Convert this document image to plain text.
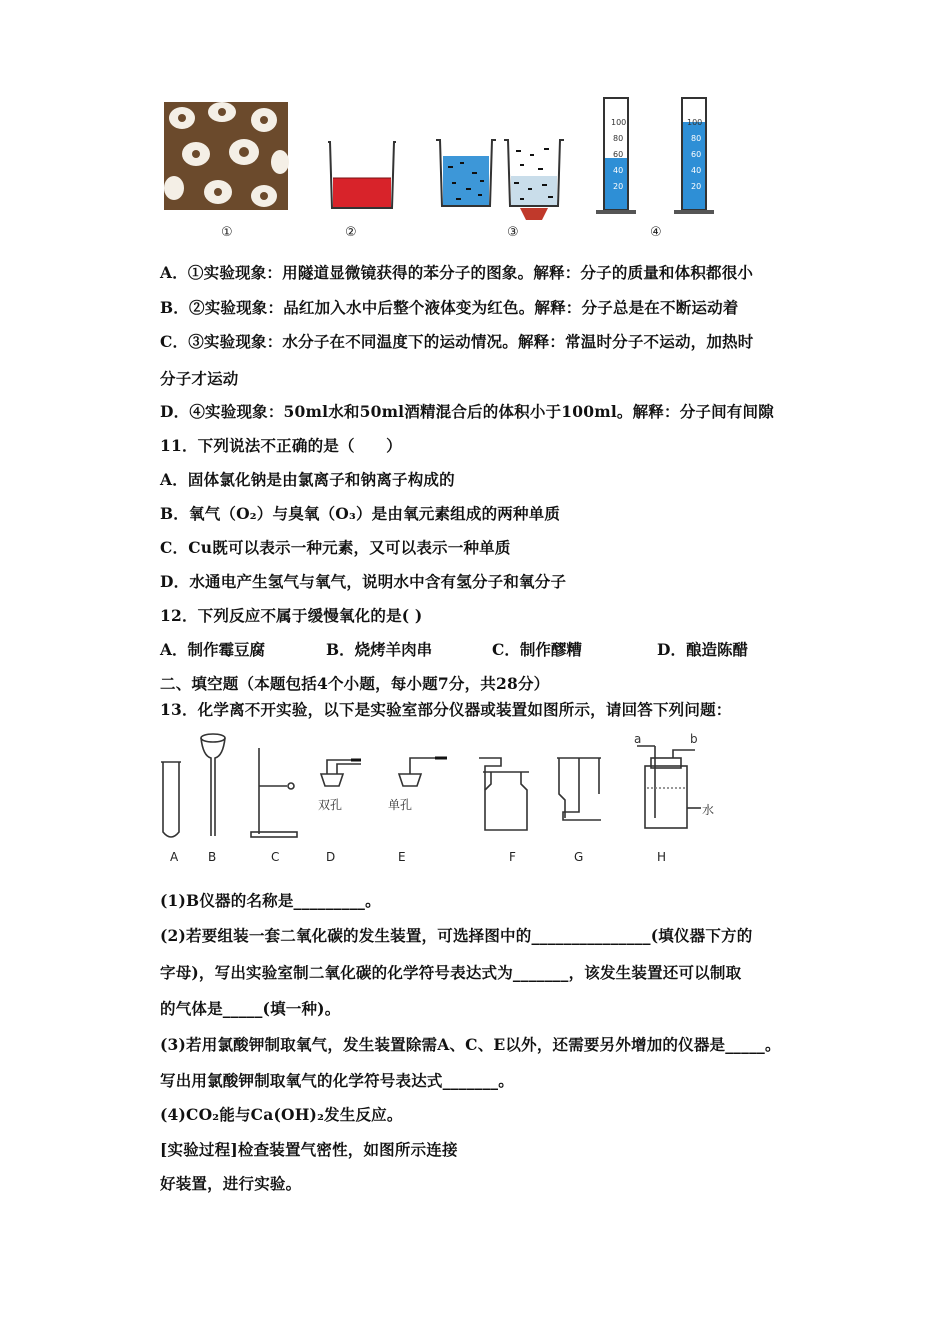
100
80
60
40
20
100
80
60
40
20
①	②	③	④
A．①实验现象：用隧道显微镜获得的苯分子的图象。解释：分子的质量和体积都很小
B．②实验现象：品红加入水中后整个液体变为红色。解释：分子总是在不断运动着
C．③实验现象：水分子在不同温度下的运动情况。解释：常温时分子不运动，加热时
分子才运动
D．④实验现象：50ml水和50ml酒精混合后的体积小于100ml。解释：分子间有间隙
11．下列说法不正确的是（　　）
A．固体氯化钠是由氯离子和钠离子构成的
B．氧气（O₂）与臭氧（O₃）是由氧元素组成的两种单质
C．Cu既可以表示一种元素，又可以表示一种单质
D．水通电产生氢气与氧气，说明水中含有氢分子和氧分子
12．下列反应不属于缓慢氧化的是( )
A．制作霉豆腐	B．烧烤羊肉串	C．制作醪糟	D．酿造陈醋
二、填空题（本题包括4个小题，每小题7分，共28分）
13．化学离不开实验，以下是实验室部分仪器或装置如图所示，请回答下列问题：
双孔	单孔
a	b
水
A B	C	D	E	F	G	H
(1)B仪器的名称是_________。
(2)若要组装一套二氧化碳的发生装置，可选择图中的_______________(填仪器下方的
字母)，写出实验室制二氧化碳的化学符号表达式为_______，该发生装置还可以制取
的气体是_____(填一种)。
(3)若用氯酸钾制取氧气，发生装置除需A、C、E以外，还需要另外增加的仪器是_____。
写出用氯酸钾制取氧气的化学符号表达式_______。
(4)CO₂能与Ca(OH)₂发生反应。
[实验过程]检查装置气密性，如图所示连接
好装置，进行实验。
